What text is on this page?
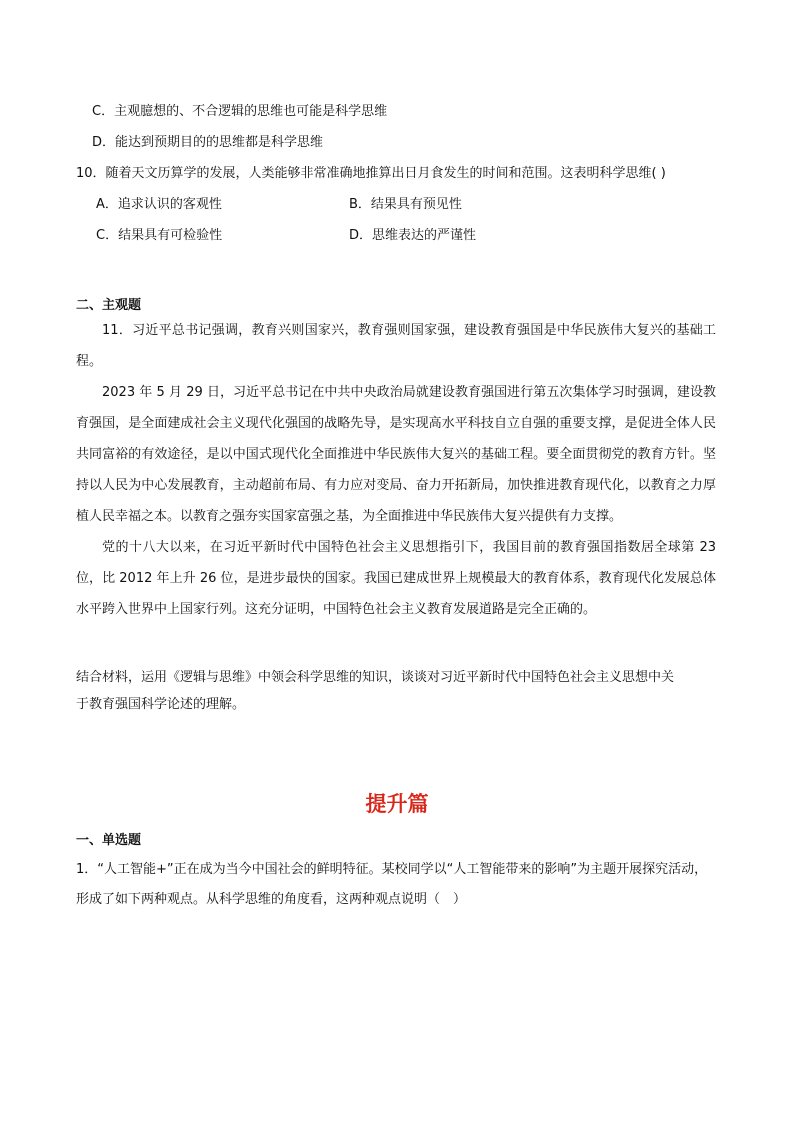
C．主观臆想的、不合逻辑的思维也可能是科学思维
D．能达到预期目的的思维都是科学思维
10．随着天文历算学的发展，人类能够非常准确地推算出日月食发生的时间和范围。这表明科学思维( )
A．追求认识的客观性	B．结果具有预见性
C．结果具有可检验性	D．思维表达的严谨性
二、主观题

11．习近平总书记强调，教育兴则国家兴，教育强则国家强，建设教育强国是中华民族伟大复兴的基础工程。

2023 年 5 月 29 日，习近平总书记在中共中央政治局就建设教育强国进行第五次集体学习时强调，建设教育强国，是全面建成社会主义现代化强国的战略先导，是实现高水平科技自立自强的重要支撑，是促进全体人民共同富裕的有效途径，是以中国式现代化全面推进中华民族伟大复兴的基础工程。要全面贯彻党的教育方针。坚持以人民为中心发展教育，主动超前布局、有力应对变局、奋力开拓新局，加快推进教育现代化，以教育之力厚植人民幸福之本。以教育之强夯实国家富强之基，为全面推进中华民族伟大复兴提供有力支撑。

党的十八大以来，在习近平新时代中国特色社会主义思想指引下，我国目前的教育强国指数居全球第 23 位，比 2012 年上升 26 位，是进步最快的国家。我国已建成世界上规模最大的教育体系，教育现代化发展总体水平跨入世界中上国家行列。这充分证明，中国特色社会主义教育发展道路是完全正确的。

结合材料，运用《逻辑与思维》中领会科学思维的知识，谈谈对习近平新时代中国特色社会主义思想中关
于教育强国科学论述的理解。
提升篇
一、单选题
1．“人工智能+”正在成为当今中国社会的鲜明特征。某校同学以“人工智能带来的影响”为主题开展探究活动，
形成了如下两种观点。从科学思维的角度看，这两种观点说明（　）
